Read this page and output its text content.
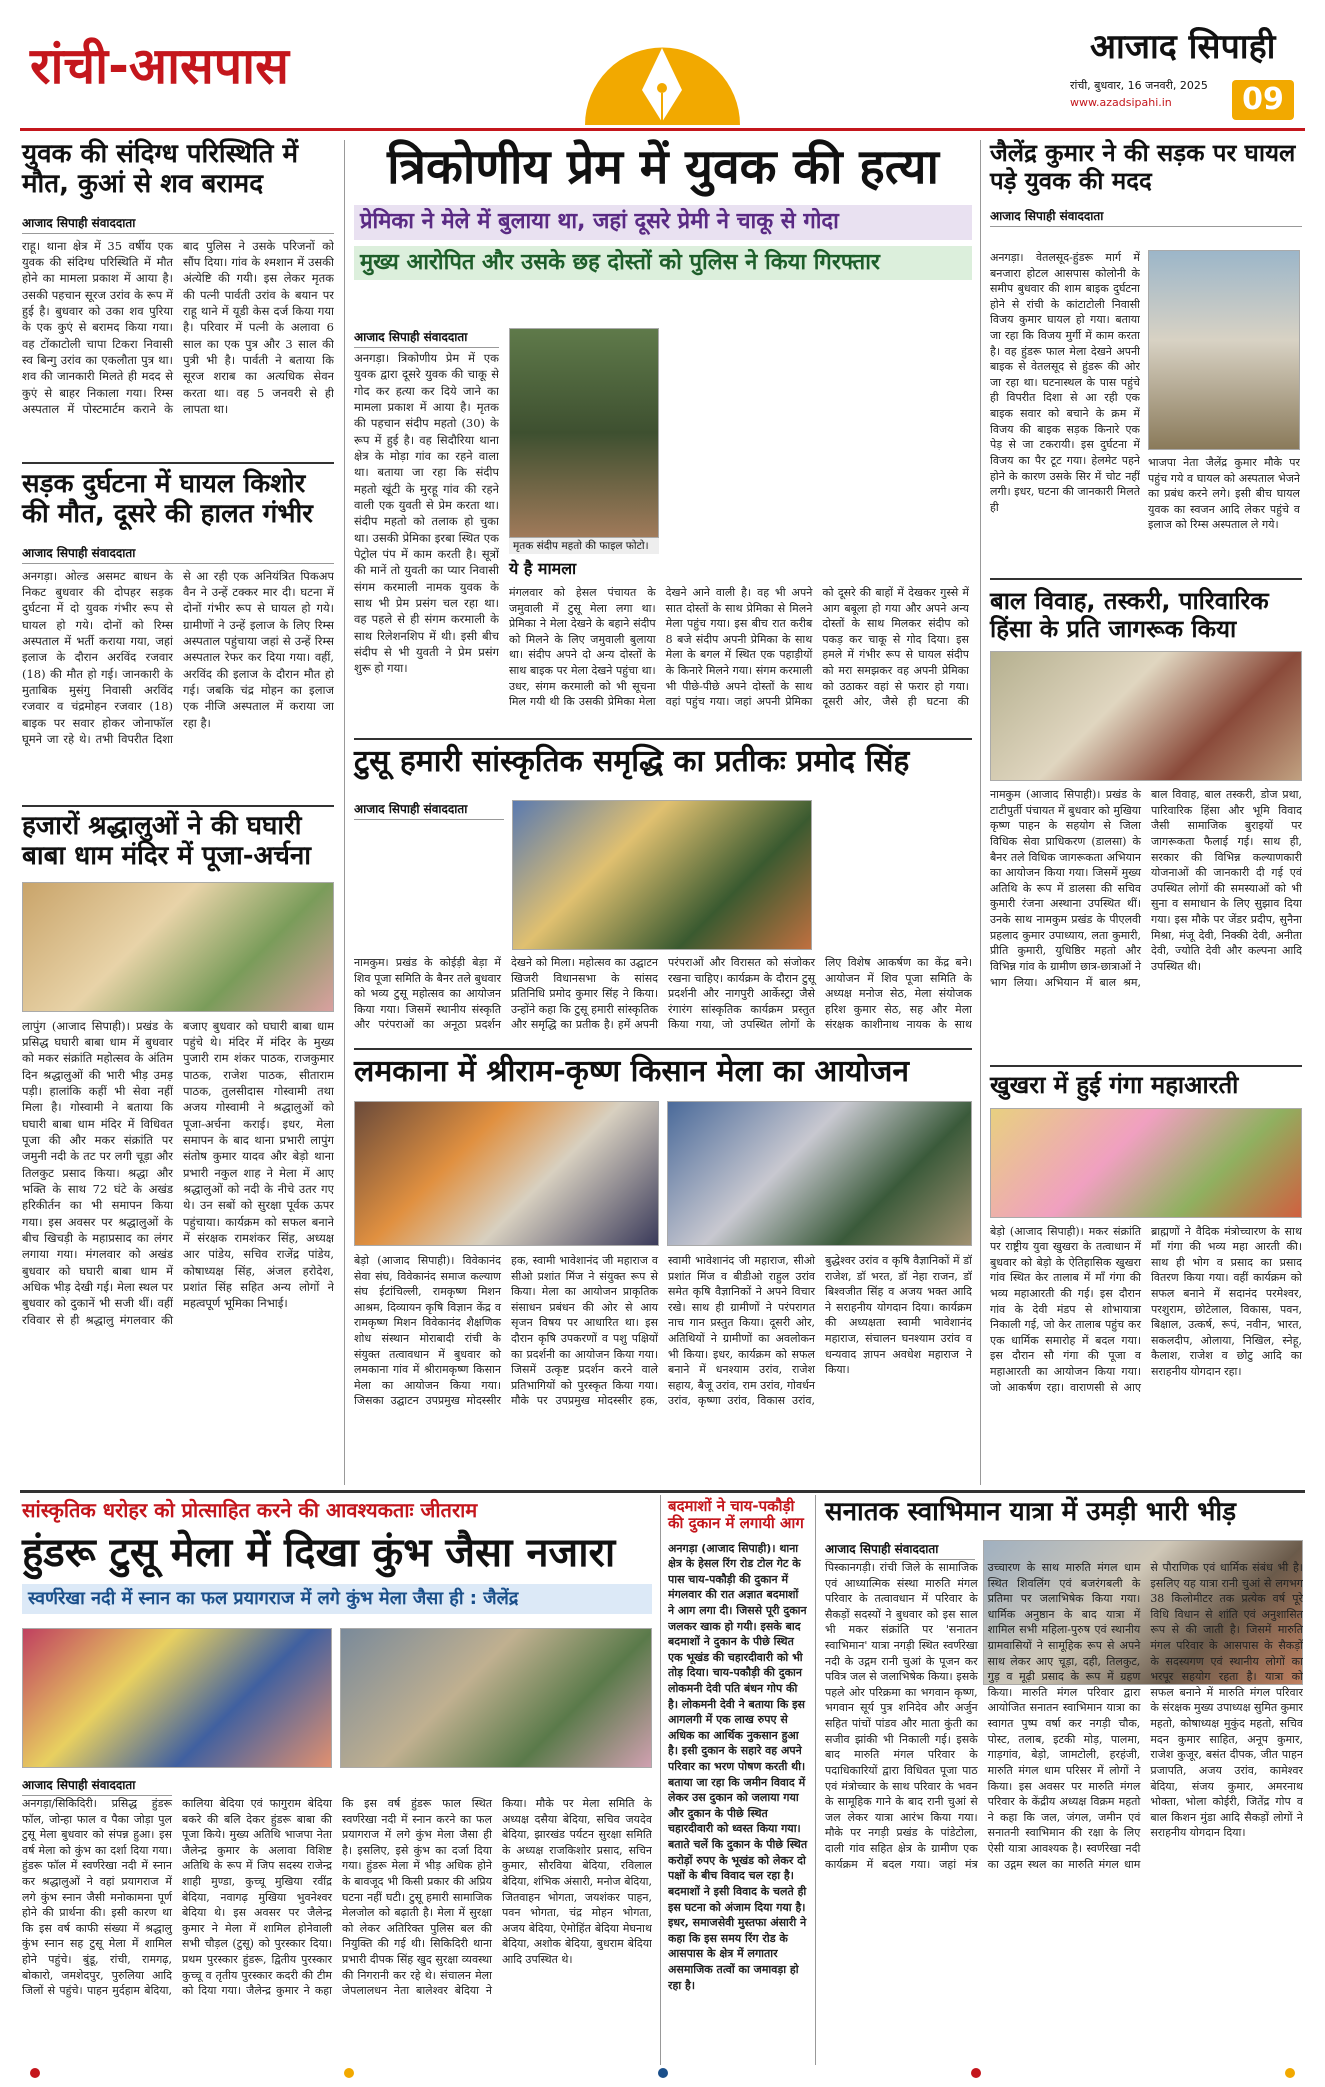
रांची-आसपास	आजाद सिपाही
रांची, बुधवार, 16 जनवरी, 2025
www.azadsipahi.in	09
युवक की संदिग्ध परिस्थिति में मौत, कुआं से शव बरामद
आजाद सिपाही संवाददाता
राहू। थाना क्षेत्र में 35 वर्षीय एक युवक की संदिग्ध परिस्थिति में मौत होने का मामला प्रकाश में आया है। उसकी पहचान सूरज उरांव के रूप में हुई है। बुधवार को उका शव पुरिया के एक कुएं से बरामद किया गया। वह टोंकाटोली चापा टिकरा निवासी स्व बिन्गु उरांव का एकलौता पुत्र था। शव की जानकारी मिलते ही मदद से कुएं से बाहर निकाला गया। रिम्स अस्पताल में पोस्टमार्टम कराने के बाद पुलिस ने उसके परिजनों को सौंप दिया। गांव के श्मशान में उसकी अंत्येष्टि की गयी। इस लेकर मृतक की पत्नी पार्वती उरांव के बयान पर राहू थाने में यूडी केस दर्ज किया गया है। परिवार में पत्नी के अलावा 6 साल का एक पुत्र और 3 साल की पुत्री भी है। पार्वती ने बताया कि सूरज शराब का अत्यधिक सेवन करता था। वह 5 जनवरी से ही लापता था।
सड़क दुर्घटना में घायल किशोर की मौत, दूसरे की हालत गंभीर
आजाद सिपाही संवाददाता
अनगड़ा। ओल्ड असमट बाधन के निकट बुधवार की दोपहर सड़क दुर्घटना में दो युवक गंभीर रूप से घायल हो गये। दोनों को रिम्स अस्पताल में भर्ती कराया गया, जहां इलाज के दौरान अरविंद रजवार (18) की मौत हो गई। जानकारी के मुताबिक मुसंगु निवासी अरविंद रजवार व चंद्रमोहन रजवार (18) बाइक पर सवार होकर जोनाफॉल घूमने जा रहे थे। तभी विपरीत दिशा से आ रही एक अनियंत्रित पिकअप वैन ने उन्हें टक्कर मार दी। घटना में दोनों गंभीर रूप से घायल हो गये। ग्रामीणों ने उन्हें इलाज के लिए रिम्स अस्पताल पहुंचाया जहां से उन्हें रिम्स अस्पताल रेफर कर दिया गया। वहीं, अरविंद की इलाज के दौरान मौत हो गई। जबकि चंद्र मोहन का इलाज एक नीजि अस्पताल में कराया जा रहा है।
हजारों श्रद्धालुओं ने की घघारी बाबा धाम मंदिर में पूजा-अर्चना
लापुंग (आजाद सिपाही)। प्रखंड के प्रसिद्ध घघारी बाबा धाम में बुधवार को मकर संक्रांति महोत्सव के अंतिम दिन श्रद्धालुओं की भारी भीड़ उमड़ पड़ी। हालांकि कहीं भी सेवा नहीं मिला है। गोस्वामी ने बताया कि घघारी बाबा धाम मंदिर में विधिवत पूजा की और मकर संक्रांति पर जमुनी नदी के तट पर लगी चूड़ा और तिलकुट प्रसाद किया। श्रद्धा और भक्ति के साथ 72 घंटे के अखंड हरिकीर्तन का भी समापन किया गया। इस अवसर पर श्रद्धालुओं के बीच खिचड़ी के महाप्रसाद का लंगर लगाया गया। मंगलवार को अखंड बुधवार को घघारी बाबा धाम में अधिक भीड़ देखी गई। मेला स्थल पर बुधवार को दुकानें भी सजी थीं। वहीं रविवार से ही श्रद्धालु मंगलवार की बजाए बुधवार को घघारी बाबा धाम पहुंचे थे। मंदिर में मंदिर के मुख्य पुजारी राम शंकर पाठक, राजकुमार पाठक, राजेश पाठक, सीताराम पाठक, तुलसीदास गोस्वामी तथा अजय गोस्वामी ने श्रद्धालुओं को पूजा-अर्चना कराई। इधर, मेला समापन के बाद थाना प्रभारी लापुंग संतोष कुमार यादव और बेड़ो थाना प्रभारी नकुल शाह ने मेला में आए श्रद्धालुओं को नदी के नीचे उतर गए थे। उन सबों को सुरक्षा पूर्वक ऊपर पहुंचाया। कार्यक्रम को सफल बनाने में संरक्षक रामशंकर सिंह, अध्यक्ष आर पांडेय, सचिव राजेंद्र पांडेय, कोषाध्यक्ष सिंह, अंजल हरोदेश, प्रशांत सिंह सहित अन्य लोगों ने महत्वपूर्ण भूमिका निभाई।
त्रिकोणीय प्रेम में युवक की हत्या
प्रेमिका ने मेले में बुलाया था, जहां दूसरे प्रेमी ने चाकू से गोदा
मुख्य आरोपित और उसके छह दोस्तों को पुलिस ने किया गिरफ्तार
आजाद सिपाही संवाददाता
अनगड़ा। त्रिकोणीय प्रेम में एक युवक द्वारा दूसरे युवक की चाकू से गोद कर हत्या कर दिये जाने का मामला प्रकाश में आया है। मृतक की पहचान संदीप महतो (30) के रूप में हुई है। वह सिदौरिया थाना क्षेत्र के मोड़ा गांव का रहने वाला था। बताया जा रहा कि संदीप महतो खूंटी के मुरहू गांव की रहने वाली एक युवती से प्रेम करता था। संदीप महतो को तलाक हो चुका था। उसकी प्रेमिका इरबा स्थित एक पेट्रोल पंप में काम करती है। सूत्रों की मानें तो युवती का प्यार निवासी संगम करमाली नामक युवक के साथ भी प्रेम प्रसंग चल रहा था। वह पहले से ही संगम करमाली के साथ रिलेशनशिप में थी। इसी बीच संदीप से भी युवती ने प्रेम प्रसंग शुरू हो गया।
मृतक संदीप महतो की फाइल फोटो।
ये है मामला
मंगलवार को हेसल पंचायत के जमुवाली में टुसू मेला लगा था। प्रेमिका ने मेला देखने के बहाने संदीप को मिलने के लिए जमुवाली बुलाया था। संदीप अपने दो अन्य दोस्तों के साथ बाइक पर मेला देखने पहुंचा था। उधर, संगम करमाली को भी सूचना मिल गयी थी कि उसकी प्रेमिका मेला देखने आने वाली है। वह भी अपने सात दोस्तों के साथ प्रेमिका से मिलने मेला पहुंच गया। इस बीच रात करीब 8 बजे संदीप अपनी प्रेमिका के साथ मेला के बगल में स्थित एक पहाड़ीयों के किनारे मिलने गया। संगम करमाली भी पीछे-पीछे अपने दोस्तों के साथ वहां पहुंच गया। जहां अपनी प्रेमिका को दूसरे की बाहों में देखकर गुस्से में आग बबूला हो गया और अपने अन्य दोस्तों के साथ मिलकर संदीप को पकड़ कर चाकू से गोद दिया। इस हमले में गंभीर रूप से घायल संदीप को मरा समझकर वह अपनी प्रेमिका को उठाकर वहां से फरार हो गया। दूसरी ओर, जैसे ही घटना की
जैलेंद्र कुमार ने की सड़क पर घायल पड़े युवक की मदद
आजाद सिपाही संवाददाता
अनगड़ा। वेतलसूद-हुंडरू मार्ग में बनजारा होटल आसपास कोलोनी के समीप बुधवार की शाम बाइक दुर्घटना होने से रांची के कांटाटोली निवासी विजय कुमार घायल हो गया। बताया जा रहा कि विजय मुर्गी में काम करता है। वह हुंडरू फाल मेला देखने अपनी बाइक से वेतलसूद से हुंडरू की ओर जा रहा था। घटनास्थल के पास पहुंचे ही विपरीत दिशा से आ रही एक बाइक सवार को बचाने के क्रम में विजय की बाइक सड़क किनारे एक पेड़ से जा टकरायी। इस दुर्घटना में विजय का पैर टूट गया। हेलमेट पहने होने के कारण उसके सिर में चोट नहीं लगी। इधर, घटना की जानकारी मिलते ही
भाजपा नेता जैलेंद्र कुमार मौके पर पहुंच गये व घायल को अस्पताल भेजने का प्रबंध करने लगे। इसी बीच घायल युवक का स्वजन आदि लेकर पहुंचे व इलाज को रिम्स अस्पताल ले गये।
बाल विवाह, तस्करी, पारिवारिक हिंसा के प्रति जागरूक किया
नामकुम (आजाद सिपाही)। प्रखंड के टाटीपुर्ती पंचायत में बुधवार को मुखिया कृष्ण पाहन के सहयोग से जिला विधिक सेवा प्राधिकरण (डालसा) के बैनर तले विधिक जागरूकता अभियान का आयोजन किया गया। जिसमें मुख्य अतिथि के रूप में डालसा की सचिव कुमारी रंजना अस्थाना उपस्थित थीं। उनके साथ नामकुम प्रखंड के पीएलवी प्रहलाद कुमार उपाध्याय, लता कुमारी, प्रीति कुमारी, युधिष्ठिर महतो और विभिन्न गांव के ग्रामीण छात्र-छात्राओं ने भाग लिया। अभियान में बाल श्रम, बाल विवाह, बाल तस्करी, डोज प्रथा, पारिवारिक हिंसा और भूमि विवाद जैसी सामाजिक बुराइयों पर जागरूकता फैलाई गई। साथ ही, सरकार की विभिन्न कल्याणकारी योजनाओं की जानकारी दी गई एवं उपस्थित लोगों की समस्याओं को भी सुना व समाधान के लिए सुझाव दिया गया। इस मौके पर जेंडर प्रदीप, सुनैना मिश्रा, मंजू देवी, निक्की देवी, अनीता देवी, ज्योति देवी और कल्पना आदि उपस्थित थी।
टुसू हमारी सांस्कृतिक समृद्धि का प्रतीकः प्रमोद सिंह
आजाद सिपाही संवाददाता
नामकुम। प्रखंड के कोईड़ी बेड़ा में शिव पूजा समिति के बैनर तले बुधवार को भव्य टुसू महोत्सव का आयोजन किया गया। जिसमें स्थानीय संस्कृति और परंपराओं का अनूठा प्रदर्शन देखने को मिला। महोत्सव का उद्घाटन खिजरी विधानसभा के सांसद प्रतिनिधि प्रमोद कुमार सिंह ने किया। उन्होंने कहा कि टुसू हमारी सांस्कृतिक और समृद्धि का प्रतीक है। हमें अपनी परंपराओं और विरासत को संजोकर रखना चाहिए। कार्यक्रम के दौरान टुसू प्रदर्शनी और नागपुरी आर्केस्ट्रा जैसे रंगारंग सांस्कृतिक कार्यक्रम प्रस्तुत किया गया, जो उपस्थित लोगों के लिए विशेष आकर्षण का केंद्र बने। आयोजन में शिव पूजा समिति के अध्यक्ष मनोज सेठ, मेला संयोजक हरिश कुमार सेठ, सह और मेला संरक्षक काशीनाथ नायक के साथ
लमकाना में श्रीराम-कृष्ण किसान मेला का आयोजन
बेड़ो (आजाद सिपाही)। विवेकानंद सेवा संघ, विवेकानंद समाज कल्याण संघ ईटांचिल्ली, रामकृष्ण मिशन आश्रम, दिव्यायन कृषि विज्ञान केंद्र व रामकृष्ण मिशन विवेकानंद शैक्षणिक शोध संस्थान मोराबादी रांची के संयुक्त तत्वावधान में बुधवार को लमकाना गांव में श्रीरामकृष्ण किसान मेला का आयोजन किया गया। जिसका उद्घाटन उपप्रमुख मोदस्सीर हक, स्वामी भावेशानंद जी महाराज व सीओ प्रशांत मिंज ने संयुक्त रूप से किया। मेला का आयोजन प्राकृतिक संसाधन प्रबंधन की ओर से आय सृजन विषय पर आधारित था। इस दौरान कृषि उपकरणों व पशु पक्षियों का प्रदर्शनी का आयोजन किया गया। जिसमें उत्कृष्ट प्रदर्शन करने वाले प्रतिभागियों को पुरस्कृत किया गया। मौके पर उपप्रमुख मोदस्सीर हक, स्वामी भावेशानंद जी महाराज, सीओ प्रशांत मिंज व बीडीओ राहुल उरांव समेत कृषि वैज्ञानिकों ने अपने विचार रखे। साथ ही ग्रामीणों ने परंपरागत नाच गान प्रस्तुत किया। दूसरी ओर, अतिथियों ने ग्रामीणों का अवलोकन भी किया। इधर, कार्यक्रम को सफल बनाने में धनश्याम उरांव, राजेश सहाय, बैजू उरांव, राम उरांव, गोवर्धन उरांव, कृष्णा उरांव, विकास उरांव, बुद्धेश्वर उरांव व कृषि वैज्ञानिकों में डॉ राजेश, डॉ भरत, डॉ नेहा राजन, डॉ बिश्वजीत सिंह व अजय भक्त आदि ने सराहनीय योगदान दिया। कार्यक्रम की अध्यक्षता स्वामी भावेशानंद महाराज, संचालन घनश्याम उरांव व धन्यवाद ज्ञापन अवधेश महाराज ने किया।
खुखरा में हुई गंगा महाआरती
बेड़ो (आजाद सिपाही)। मकर संक्रांति पर राष्ट्रीय युवा खुखरा के तत्वाधान में बुधवार को बेड़ो के ऐतिहासिक खुखरा गांव स्थित केर तालाब में माँ गंगा की भव्य महाआरती की गई। इस दौरान गांव के देवी मंडप से शोभायात्रा निकाली गई, जो केर तालाब पहुंच कर एक धार्मिक समारोह में बदल गया। इस दौरान सौ गंगा की पूजा व महाआरती का आयोजन किया गया। जो आकर्षण रहा। वाराणसी से आए ब्राह्मणों ने वैदिक मंत्रोच्चारण के साथ माँ गंगा की भव्य महा आरती की। साथ ही भोग व प्रसाद का प्रसाद वितरण किया गया। वहीं कार्यक्रम को सफल बनाने में सदानंद परमेश्वर, परशुराम, छोटेलाल, विकास, पवन, बिक्षाल, उत्कर्ष, रूपं, नवीन, भारत, सकलदीप, ओलाया, निखिल, स्नेहू, कैलाश, राजेश व छोटु आदि का सराहनीय योगदान रहा।
सांस्कृतिक धरोहर को प्रोत्साहित करने की आवश्यकताः जीतराम
हुंडरू टुसू मेला में दिखा कुंभ जैसा नजारा
स्वर्णरेखा नदी में स्नान का फल प्रयागराज में लगे कुंभ मेला जैसा ही : जैलेंद्र
आजाद सिपाही संवाददाता
अनगड़ा/सिकिदिरी। प्रसिद्ध हुंडरू फॉल, जोन्हा फाल व पैका जोड़ा पुल टुसू मेला बुधवार को संपन्न हुआ। इस वर्ष मेला को कुंभ का दर्शा दिया गया। हुंडरू फॉल में स्वर्णरेखा नदी में स्नान कर श्रद्धालुओं ने वहां प्रयागराज में लगे कुंभ स्नान जैसी मनोकामना पूर्ण होने की प्रार्थना की। इसी कारण था कि इस वर्ष काफी संख्या में श्रद्धालु कुंभ स्नान सह टुसू मेला में शामिल होने पहुंचे। बुंडू, रांची, रामगढ़, बोकारो, जमशेदपुर, पुरुलिया आदि जिलों से पहुंचे। पाहन मुर्दहाम बेदिया, कालिया बेदिया एवं फागुराम बेदिया बकरे की बलि देकर हुंडरू बाबा की पूजा किये। मुख्य अतिथि भाजपा नेता जैलेन्द्र कुमार के अलावा विशिष्ट अतिथि के रूप में जिप सदस्य राजेन्द्र शाही मुण्डा, कुच्चू मुखिया रवींद्र बेदिया, नवागढ़ मुखिया भुवनेश्वर बेदिया थे। इस अवसर पर जैलेन्द्र कुमार ने मेला में शामिल होनेवाली सभी चौड़ल (टुसू) को पुरस्कार दिया। प्रथम पुरस्कार हुंडरू, द्वितीय पुरस्कार कुच्चू व तृतीय पुरस्कार कदरी की टीम को दिया गया। जैलेन्द्र कुमार ने कहा कि इस वर्ष हुंडरू फाल स्थित स्वर्णरेखा नदी में स्नान करने का फल प्रयागराज में लगे कुंभ मेला जैसा ही है। इसलिए, इसे कुंभ का दर्जा दिया गया। हुंडरू मेला में भीड़ अधिक होने के बावजूद भी किसी प्रकार की अप्रिय घटना नहीं घटी। टुसू हमारी सामाजिक मेलजोल को बढ़ाती है। मेला में सुरक्षा को लेकर अतिरिक्त पुलिस बल की नियुक्ति की गई थी। सिकिदिरी थाना प्रभारी दीपक सिंह खुद सुरक्षा व्यवस्था की निगरानी कर रहे थे। संचालन मेला जेपलालधन नेता बालेश्वर बेदिया ने किया। मौके पर मेला समिति के अध्यक्ष दसैया बेदिया, सचिव जयदेव बेदिया, झारखंड पर्यटन सुरक्षा समिति के अध्यक्ष राजकिशोर प्रसाद, सचिन कुमार, सौरविया बेदिया, रविलाल बेदिया, शंभिक अंसारी, मनोज बेदिया, जितवाहन भोगता, जयशंकर पाहन, पवन भोगता, चंद्र मोहन भोगता, अजय बेदिया, ऐमोहिंत बेदिया मेघनाथ बेदिया, अशोक बेदिया, बुधराम बेदिया आदि उपस्थित थे।
बदमाशों ने चाय-पकौड़ी की दुकान में लगायी आग
अनगड़ा (आजाद सिपाही)। थाना क्षेत्र के हेसल रिंग रोड टोल गेट के पास चाय-पकौड़ी की दुकान में मंगलवार की रात अज्ञात बदमाशों ने आग लगा दी। जिससे पूरी दुकान जलकर खाक हो गयी। इसके बाद बदमाशों ने दुकान के पीछे स्थित एक भूखंड की चहारदीवारी को भी तोड़ दिया। चाय-पकौड़ी की दुकान लोकमनी देवी पति बंधन गोप की है। लोकमनी देवी ने बताया कि इस आगलगी में एक लाख रुपए से अधिक का आर्थिक नुकसान हुआ है। इसी दुकान के सहारे वह अपने परिवार का भरण पोषण करती थी। बताया जा रहा कि जमीन विवाद में लेकर उस दुकान को जलाया गया और दुकान के पीछे स्थित चहारदीवारी को ध्वस्त किया गया। बताते चलें कि दुकान के पीछे स्थित करोड़ों रुपए के भूखंड को लेकर दो पक्षों के बीच विवाद चल रहा है। बदमाशों ने इसी विवाद के चलते ही इस घटना को अंजाम दिया गया है। इधर, समाजसेवी मुस्तफा अंसारी ने कहा कि इस समय रिंग रोड के आसपास के क्षेत्र में लगातार असमाजिक तत्वों का जमावड़ा हो रहा है।
सनातक स्वाभिमान यात्रा में उमड़ी भारी भीड़
आजाद सिपाही संवाददाता
पिस्कानगड़ी। रांची जिले के सामाजिक एवं आध्यात्मिक संस्था मारुति मंगल परिवार के तत्वावधान में परिवार के सैकड़ों सदस्यों ने बुधवार को इस साल भी मकर संक्रांति पर 'सनातन स्वाभिमान' यात्रा नगड़ी स्थित स्वर्णरेखा नदी के उद्गम रानी चुआं के पूजन कर पवित्र जल से जलाभिषेक किया। इसके पहले ओर परिक्रमा का भगवान कृष्ण, भगवान सूर्य पुत्र शनिदेव और अर्जुन सहित पांचों पांडव और माता कुंती का सजीव झांकी भी निकाली गई। इसके बाद मारुति मंगल परिवार के पदाधिकारियों द्वारा विधिवत पूजा पाठ एवं मंत्रोच्चार के साथ परिवार के भवन के सामूहिक गाने के बाद रानी चुआं से जल लेकर यात्रा आरंभ किया गया। मौके पर नगड़ी प्रखंड के पांडेटोला, दाली गांव सहित क्षेत्र के ग्रामीण एक कार्यक्रम में बदल गया। जहां मंत्र उच्चारण के साथ मारुति मंगल धाम स्थित शिवलिंग एवं बजरंगबली के प्रतिमा पर जलाभिषेक किया गया। धार्मिक अनुष्ठान के बाद यात्रा में शामिल सभी महिला-पुरुष एवं स्थानीय ग्रामवासियों ने सामूहिक रूप से अपने साथ लेकर आए चूड़ा, दही, तिलकुट, गुड़ व मूढ़ी प्रसाद के रूप में ग्रहण किया। मारुति मंगल परिवार द्वारा आयोजित सनातन स्वाभिमान यात्रा का स्वागत पुष्प वर्षा कर नगड़ी चौक, पोस्ट, तलाब, इटकी मोड़, पालमा, गाड़गांव, बेड़ो, जामटोली, हरहंजी, मारुति मंगल धाम परिसर में लोगों ने किया। इस अवसर पर मारुति मंगल परिवार के केंद्रीय अध्यक्ष विक्रम महतो ने कहा कि जल, जंगल, जमीन एवं सनातनी स्वाभिमान की रक्षा के लिए ऐसी यात्रा आवश्यक है। स्वर्णरेखा नदी का उद्गम स्थल का मारुति मंगल धाम से पौराणिक एवं धार्मिक संबंध भी है। इसलिए यह यात्रा रानी चुआं से लगभग 38 किलोमीटर तक प्रत्येक वर्ष पूरे विधि विधान से शांति एवं अनुशासित रूप से की जाती है। जिसमें मारुति मंगल परिवार के आसपास के सैकड़ों के सदस्यगण एवं स्थानीय लोगों का भरपूर सहयोग रहता है। यात्रा को सफल बनाने में मारुति मंगल परिवार के संरक्षक मुख्य उपाध्यक्ष सुमित कुमार महतो, कोषाध्यक्ष मुकुंद महतो, सचिव मदन कुमार साहित, अनूप कुमार, राजेश कुजूर, बसंत दीपक, जीत पाहन प्रजापति, अजय उरांव, कामेश्वर बेदिया, संजय कुमार, अमरनाथ भोक्ता, भोला कोईरी, जितेंद्र गोप व बाल किशन मुंडा आदि सैकड़ों लोगों ने सराहनीय योगदान दिया।
